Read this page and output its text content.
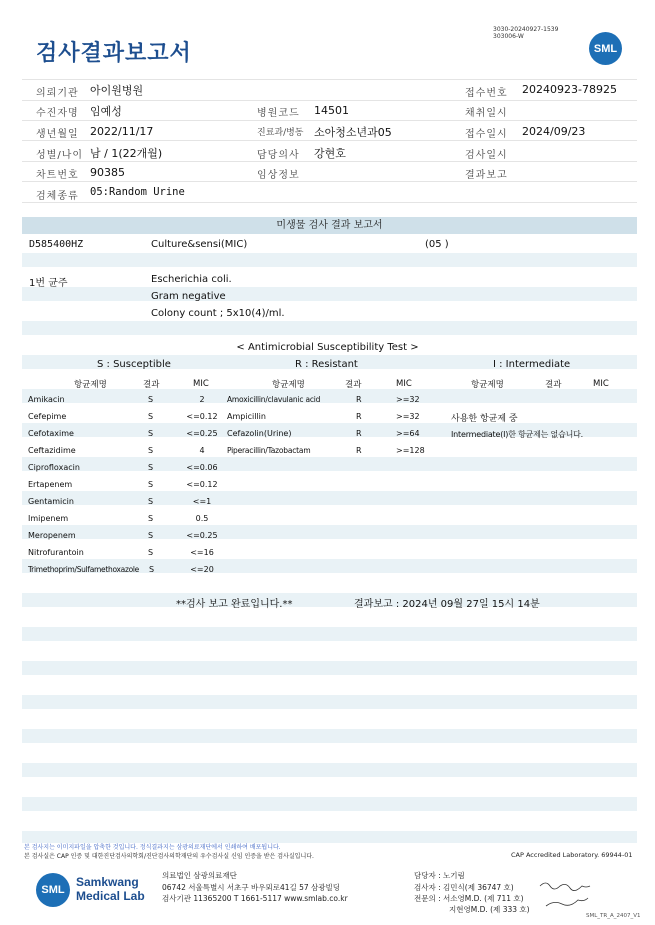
검사결과보고서
3030-20240927-1539
303006-W
SML
의뢰기관 아이원병원	접수번호 20240923-78925
수진자명 임예성	병원코드 14501	채취일시
생년월일 2022/11/17	진료과/병동 소아청소년과05	접수일시 2024/09/23
성별/나이 남 / 1(22개월)	담당의사 강현호	검사일시
차트번호 90385	임상정보	결과보고
검체종류 05:Random Urine
미생물 검사 결과 보고서
D585400HZ	Culture&sensi(MIC)	(05 )
1번 균주	Escherichia coli.
Gram negative
Colony count ; 5x10(4)/ml.
< Antimicrobial Susceptibility Test >
S : Susceptible	R : Resistant	I : Intermediate
항균제명	결과	MIC	항균제명	결과	MIC	항균제명	결과	MIC
Amikacin	S	2
Cefepime	S	<=0.12
Cefotaxime	S	<=0.25
Ceftazidime	S	4
Ciprofloxacin	S	<=0.06
Ertapenem	S	<=0.12
Gentamicin	S	<=1
Imipenem	S	0.5
Meropenem	S	<=0.25
Nitrofurantoin	S	<=16
Trimethoprim/Sulfamethoxazole S	<=20
Amoxicillin/clavulanic acid	R	>=32
Ampicillin	R	>=32
Cefazolin(Urine)	R	>=64
Piperacillin/Tazobactam	R	>=128
사용한 항균제 중
Intermediate(I)한 항균제는 없습니다.
**검사 보고 완료입니다.**	결과보고 : 2024년 09월 27일 15시 14분
본 검사지는 이미지파일을 압축한 것입니다. 정식결과지는 삼광의료재단에서 인쇄하여 배포됩니다.
본 검사실은 CAP 인증 및 대한진단검사의학회/진단검사의학재단의 우수검사실 신임 인증을 받은 검사실입니다.	CAP Accredited Laboratory. 69944-01
SML
Samkwang
Medical Lab
의료법인 삼광의료재단
06742 서울특별시 서초구 바우뫼로41길 57 삼광빌딩
검사기관 11365200 T 1661-5117 www.smlab.co.kr
담당자 : 노기림
검사자 : 김민식(제 36747 호)
전문의 : 서소영M.D. (제 711 호)
지현영M.D. (제 333 호)
SML_TR_A_2407_V1
